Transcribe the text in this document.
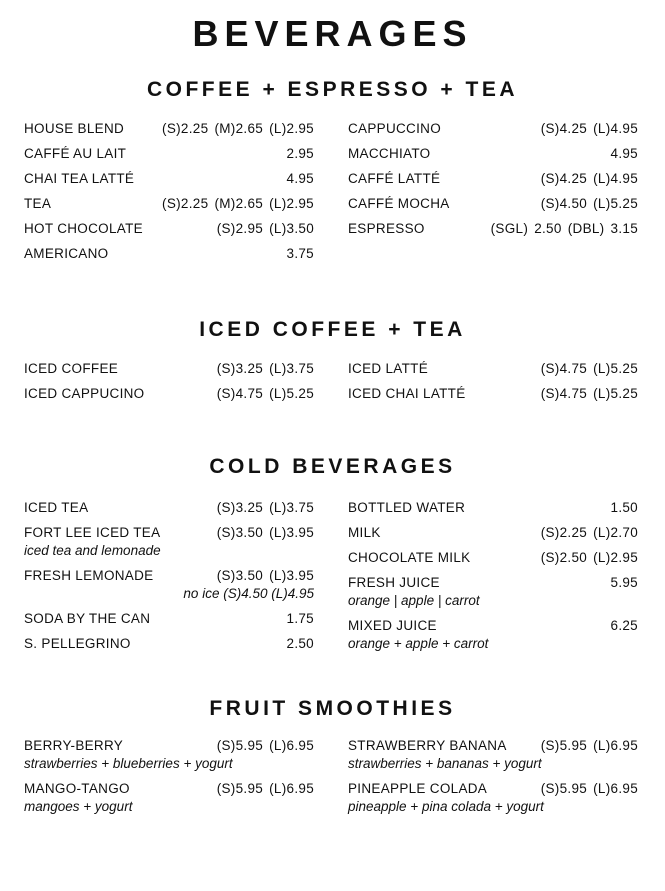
BEVERAGES
COFFEE + ESPRESSO + TEA
HOUSE BLEND	(S)2.25 (M)2.65 (L)2.95
CAFFÉ AU LAIT	2.95
CHAI TEA LATTÉ	4.95
TEA	(S)2.25 (M)2.65 (L)2.95
HOT CHOCOLATE	(S)2.95 (L)3.50
AMERICANO	3.75
CAPPUCCINO	(S)4.25 (L)4.95
MACCHIATO	4.95
CAFFÉ LATTÉ	(S)4.25 (L)4.95
CAFFÉ MOCHA	(S)4.50 (L)5.25
ESPRESSO	(SGL) 2.50 (DBL) 3.15
ICED COFFEE + TEA
ICED COFFEE	(S)3.25 (L)3.75
ICED CAPPUCINO	(S)4.75 (L)5.25
ICED LATTÉ	(S)4.75 (L)5.25
ICED CHAI LATTÉ	(S)4.75 (L)5.25
COLD BEVERAGES
ICED TEA	(S)3.25 (L)3.75
FORT LEE ICED TEA	(S)3.50 (L)3.95
iced tea and lemonade
FRESH LEMONADE	(S)3.50 (L)3.95
no ice (S)4.50 (L)4.95
SODA BY THE CAN	1.75
S. PELLEGRINO	2.50
BOTTLED WATER	1.50
MILK	(S)2.25 (L)2.70
CHOCOLATE MILK	(S)2.50 (L)2.95
FRESH JUICE	5.95
orange | apple | carrot
MIXED JUICE	6.25
orange + apple + carrot
FRUIT SMOOTHIES
BERRY-BERRY	(S)5.95 (L)6.95
strawberries + blueberries + yogurt
MANGO-TANGO	(S)5.95 (L)6.95
mangoes + yogurt
STRAWBERRY BANANA	(S)5.95 (L)6.95
strawberries + bananas + yogurt
PINEAPPLE COLADA	(S)5.95 (L)6.95
pineapple + pina colada + yogurt
